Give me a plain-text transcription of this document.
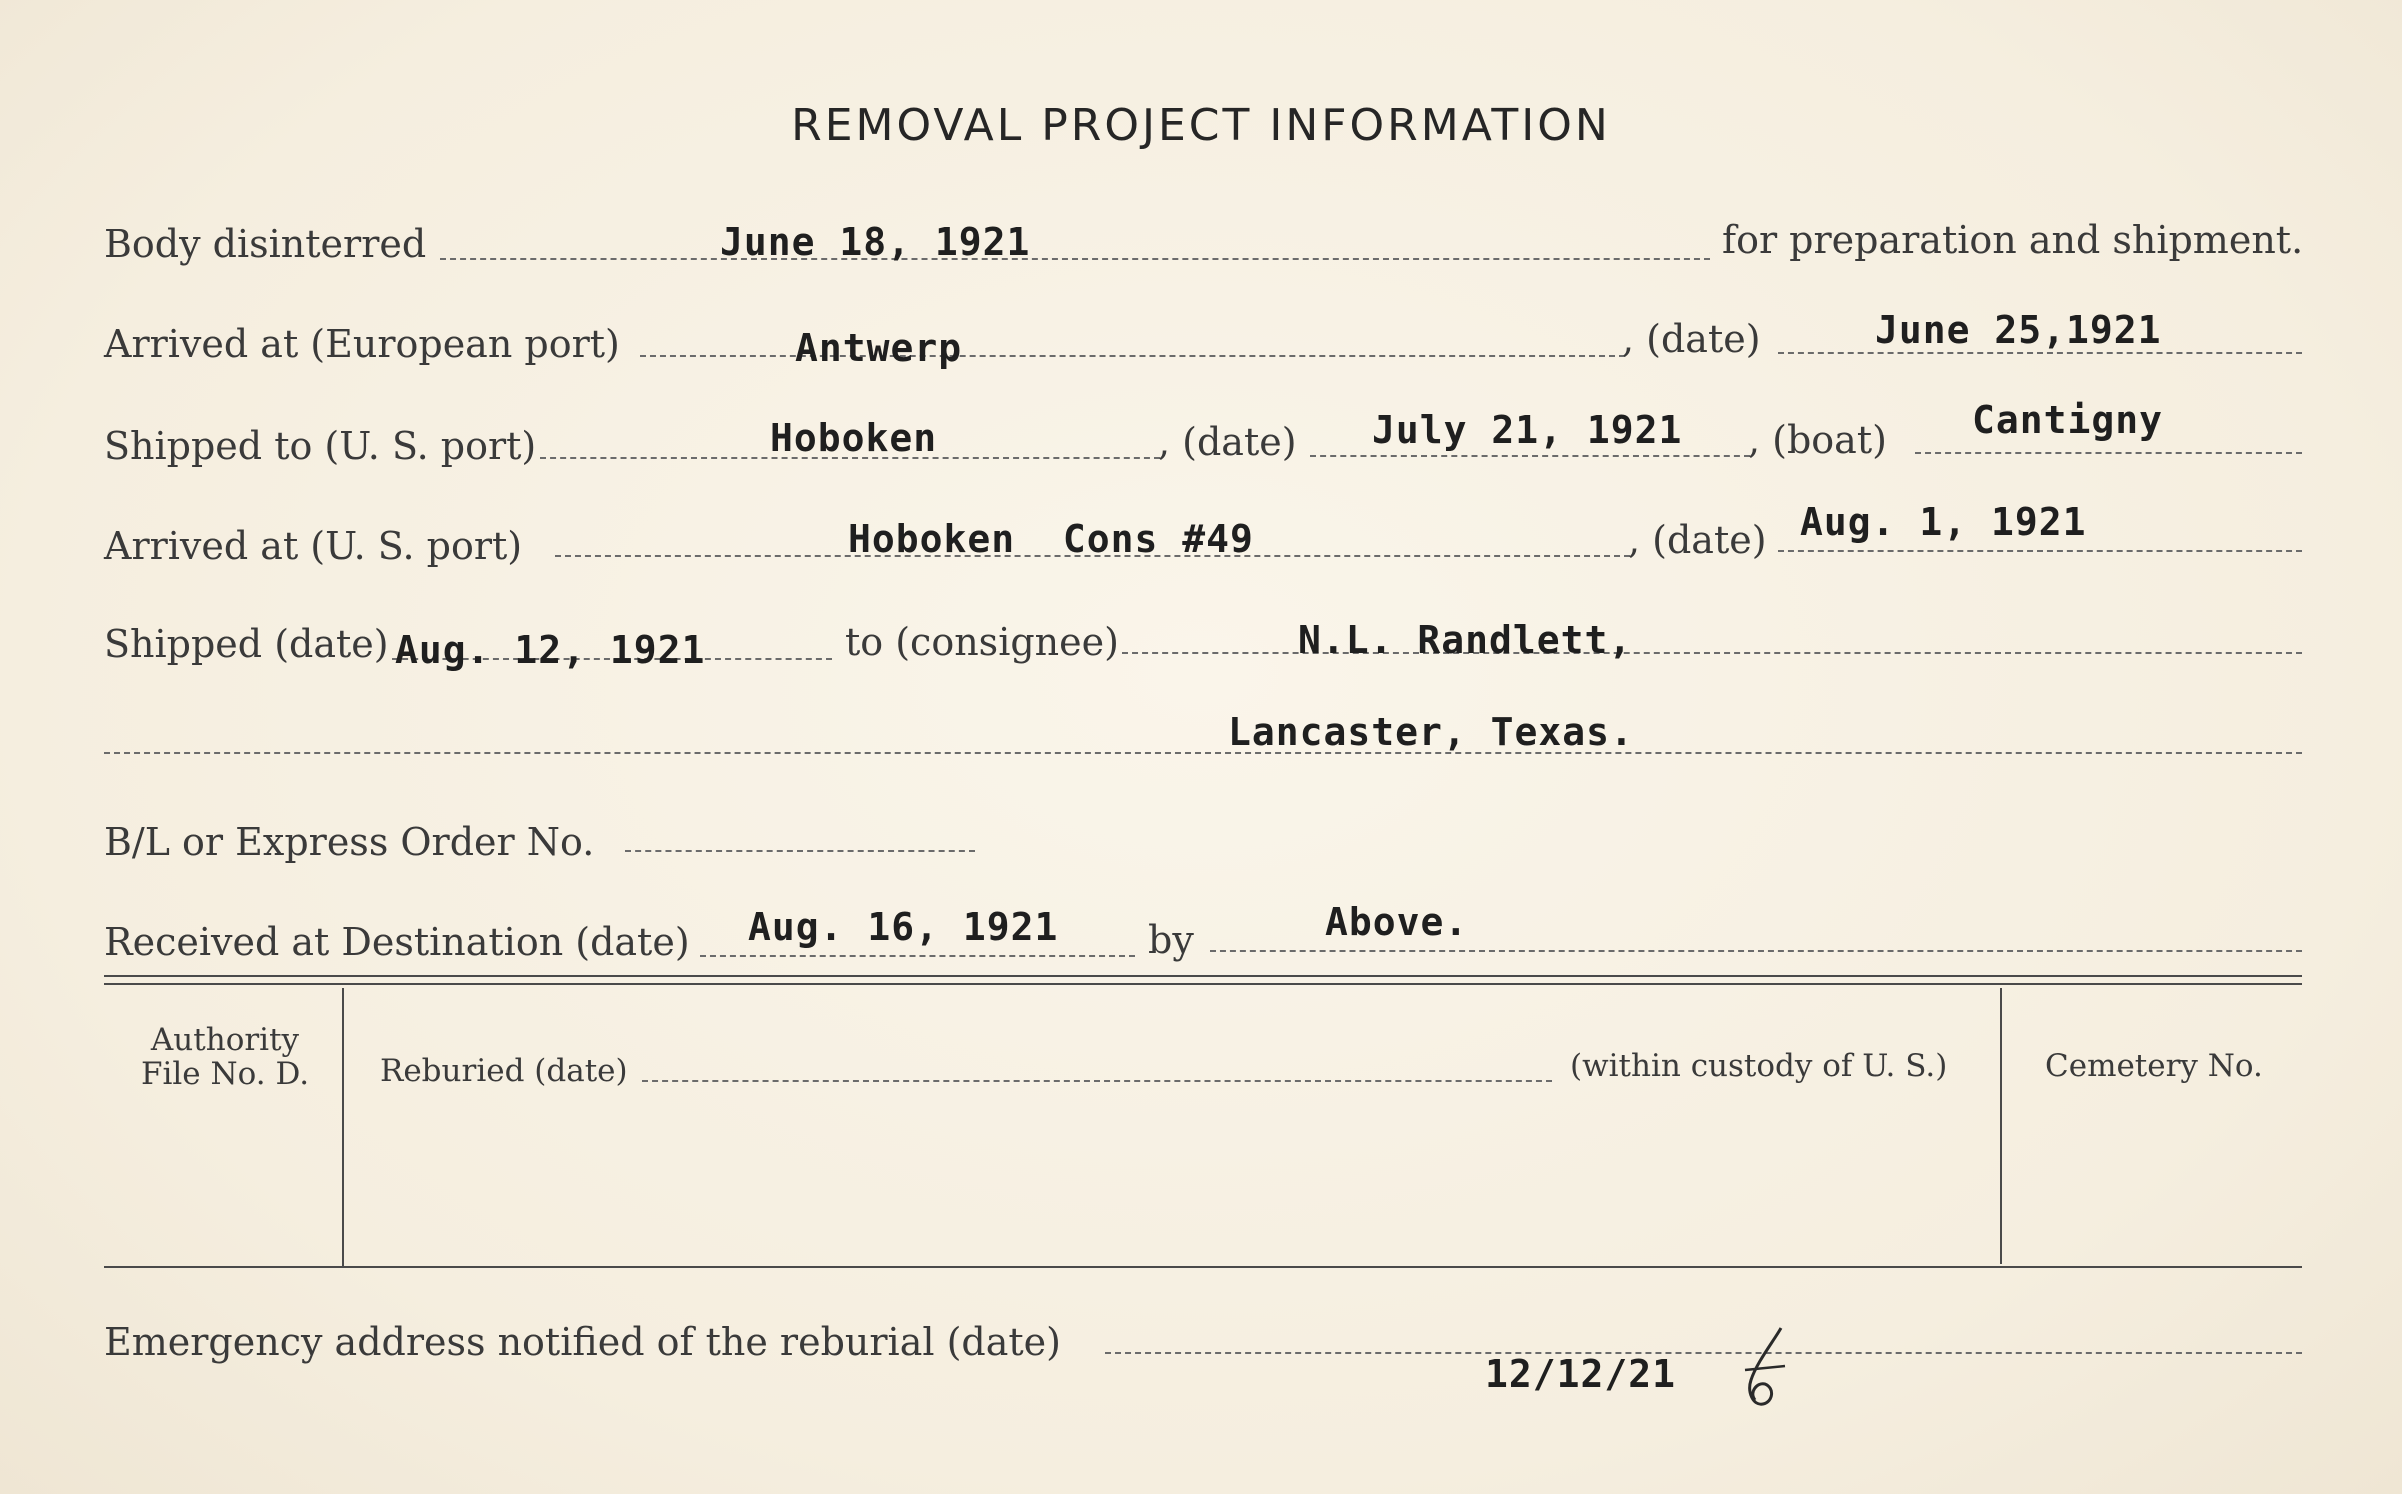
REMOVAL PROJECT INFORMATION
Body disinterred	June 18, 1921	for preparation and shipment.
Arrived at (European port)	Antwerp	, (date)	June 25,1921
Shipped to (U. S. port)	Hoboken	, (date) July 21, 1921 , (boat) Cantigny
Arrived at (U. S. port)	Hoboken  Cons #49	, (date) Aug. 1, 1921
Shipped (date) Aug. 12, 1921	to (consignee)	N.L. Randlett,
Lancaster, Texas.
B/L or Express Order No.
Received at Destination (date) Aug. 16, 1921 by	Above.
Authority
File No. D.	Reburied (date)	(within custody of U. S.)	Cemetery No.
Emergency address notified of the reburial (date)
12/12/21
